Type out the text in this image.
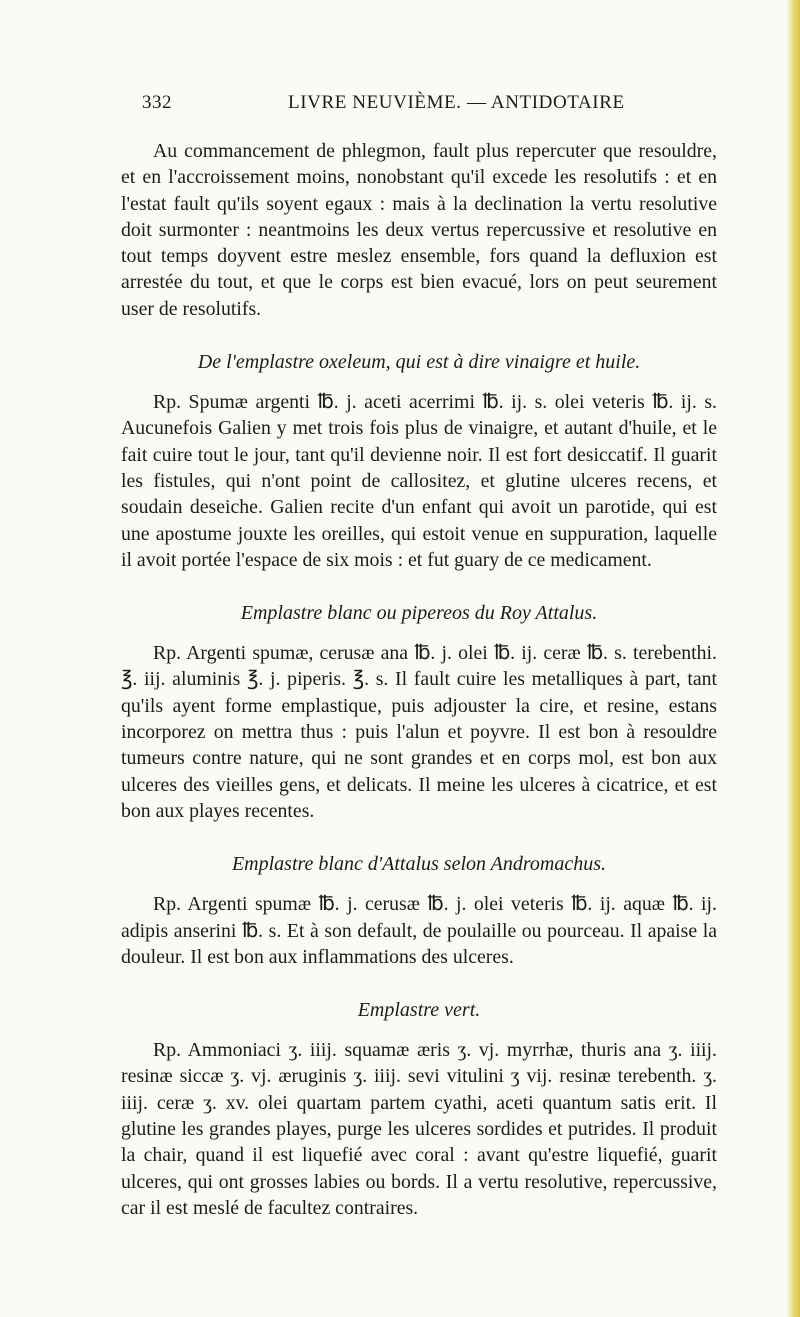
332	LIVRE NEUVIÈME. — ANTIDOTAIRE

Au commancement de phlegmon, fault plus repercuter que resouldre, et en l'accroissement moins, nonobstant qu'il excede les resolutifs : et en l'estat fault qu'ils soyent egaux : mais à la declination la vertu resolutive doit surmonter : neantmoins les deux vertus repercussive et resolutive en tout temps doyvent estre meslez ensemble, fors quand la defluxion est arrestée du tout, et que le corps est bien evacué, lors on peut seurement user de resolutifs.

De l'emplastre oxeleum, qui est à dire vinaigre et huile.

Rp. Spumæ argenti ℔. j. aceti acerrimi ℔. ij. s. olei veteris ℔. ij. s. Aucunefois Galien y met trois fois plus de vinaigre, et autant d'huile, et le fait cuire tout le jour, tant qu'il devienne noir. Il est fort desiccatif. Il guarit les fistules, qui n'ont point de callositez, et glutine ulceres recens, et soudain deseiche. Galien recite d'un enfant qui avoit un parotide, qui est une apostume jouxte les oreilles, qui estoit venue en suppuration, laquelle il avoit portée l'espace de six mois : et fut guary de ce medicament.

Emplastre blanc ou pipereos du Roy Attalus.

Rp. Argenti spumæ, cerusæ ana ℔. j. olei ℔. ij. ceræ ℔. s. terebenthi. ℥. iij. aluminis ℥. j. piperis. ℥. s. Il fault cuire les metalliques à part, tant qu'ils ayent forme emplastique, puis adjouster la cire, et resine, estans incorporez on mettra thus : puis l'alun et poyvre. Il est bon à resouldre tumeurs contre nature, qui ne sont grandes et en corps mol, est bon aux ulceres des vieilles gens, et delicats. Il meine les ulceres à cicatrice, et est bon aux playes recentes.

Emplastre blanc d'Attalus selon Andromachus.

Rp. Argenti spumæ ℔. j. cerusæ ℔. j. olei veteris ℔. ij. aquæ ℔. ij. adipis anserini ℔. s. Et à son default, de poulaille ou pourceau. Il apaise la douleur. Il est bon aux inflammations des ulceres.

Emplastre vert.

Rp. Ammoniaci ʒ. iiij. squamæ æris ʒ. vj. myrrhæ, thuris ana ʒ. iiij. resinæ siccæ ʒ. vj. æruginis ʒ. iiij. sevi vitulini ʒ vij. resinæ terebenth. ʒ. iiij. ceræ ʒ. xv. olei quartam partem cyathi, aceti quantum satis erit. Il glutine les grandes playes, purge les ulceres sordides et putrides. Il produit la chair, quand il est liquefié avec coral : avant qu'estre liquefié, guarit ulceres, qui ont grosses labies ou bords. Il a vertu resolutive, repercussive, car il est meslé de facultez contraires.
